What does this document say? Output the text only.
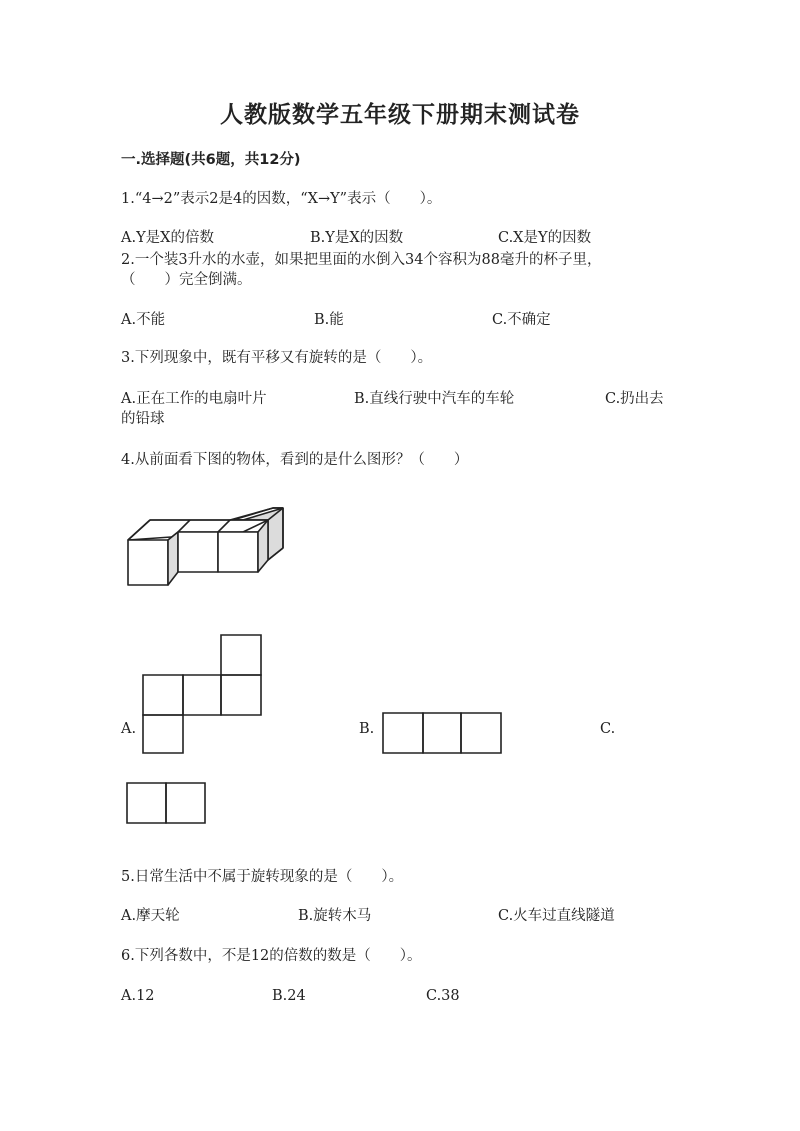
人教版数学五年级下册期末测试卷
一.选择题(共6题，共12分)
1.“4→2”表示2是4的因数，“X→Y”表示（　　）。
A.Y是X的倍数	B.Y是X的因数	C.X是Y的因数
2.一个装3升水的水壶，如果把里面的水倒入34个容积为88毫升的杯子里，
（　　）完全倒满。
A.不能	B.能	C.不确定
3.下列现象中，既有平移又有旋转的是（　　）。
A.正在工作的电扇叶片	B.直线行驶中汽车的车轮	C.扔出去
的铅球
4.从前面看下图的物体，看到的是什么图形？（　　）
A.	B.	C.
5.日常生活中不属于旋转现象的是（　　）。
A.摩天轮	B.旋转木马	C.火车过直线隧道
6.下列各数中，不是12的倍数的数是（　　）。
A.12	B.24	C.38
